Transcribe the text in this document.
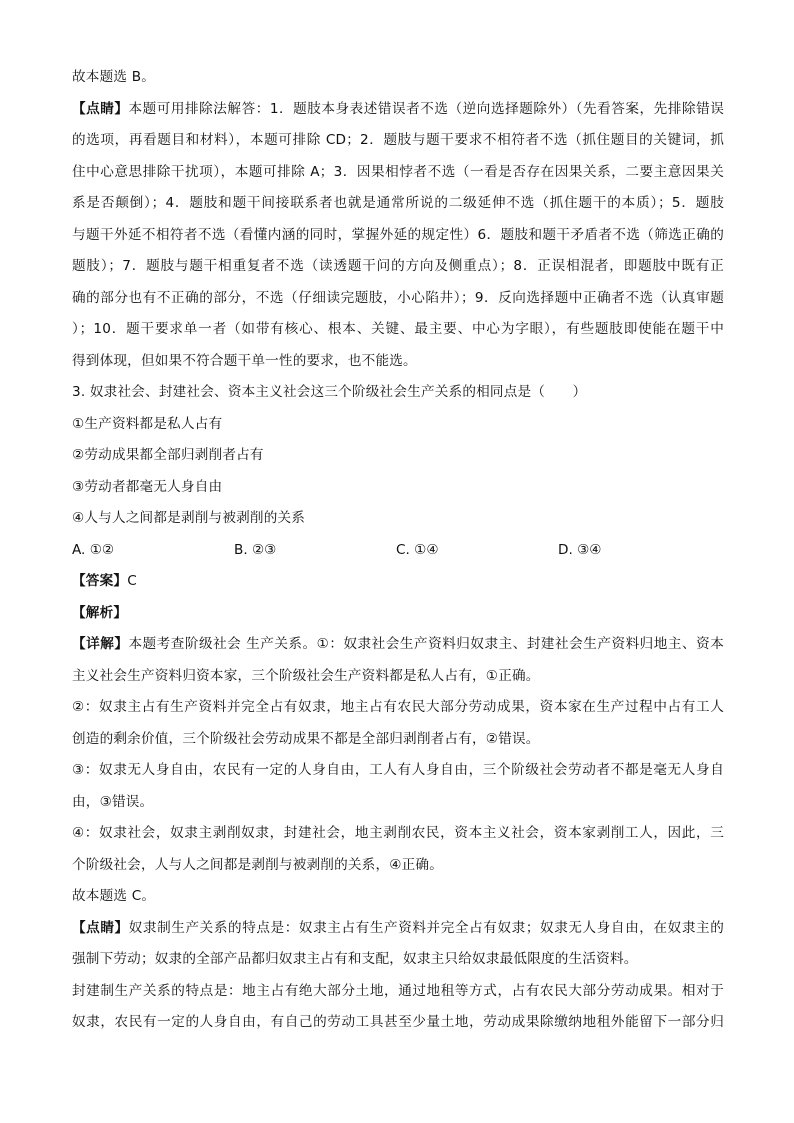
故本题选 B。
【点睛】本题可用排除法解答：1．题肢本身表述错误者不选（逆向选择题除外）（先看答案，先排除错误
的选项，再看题目和材料），本题可排除 CD；2．题肢与题干要求不相符者不选（抓住题目的关键词，抓
住中心意思排除干扰项），本题可排除 A；3．因果相悖者不选（一看是否存在因果关系，二要主意因果关
系是否颠倒）；4．题肢和题干间接联系者也就是通常所说的二级延伸不选（抓住题干的本质）；5．题肢
与题干外延不相符者不选（看懂内涵的同时，掌握外延的规定性）6．题肢和题干矛盾者不选（筛选正确的
题肢）；7．题肢与题干相重复者不选（读透题干问的方向及侧重点）；8．正误相混者，即题肢中既有正
确的部分也有不正确的部分，不选（仔细读完题肢，小心陷井）；9．反向选择题中正确者不选（认真审题
）；10．题干要求单一者（如带有核心、根本、关键、最主要、中心为字眼），有些题肢即使能在题干中
得到体现，但如果不符合题干单一性的要求，也不能选。
3. 奴隶社会、封建社会、资本主义社会这三个阶级社会生产关系的相同点是（　　）
①生产资料都是私人占有
②劳动成果都全部归剥削者占有
③劳动者都毫无人身自由
④人与人之间都是剥削与被剥削的关系
A. ①②	B. ②③	C. ①④	D. ③④
【答案】C
【解析】
【详解】本题考查阶级社会 生产关系。①：奴隶社会生产资料归奴隶主、封建社会生产资料归地主、资本
主义社会生产资料归资本家，三个阶级社会生产资料都是私人占有，①正确。
②：奴隶主占有生产资料并完全占有奴隶，地主占有农民大部分劳动成果，资本家在生产过程中占有工人
创造的剩余价值，三个阶级社会劳动成果不都是全部归剥削者占有，②错误。
③：奴隶无人身自由，农民有一定的人身自由，工人有人身自由，三个阶级社会劳动者不都是毫无人身自
由，③错误。
④：奴隶社会，奴隶主剥削奴隶，封建社会，地主剥削农民，资本主义社会，资本家剥削工人，因此，三
个阶级社会，人与人之间都是剥削与被剥削的关系，④正确。
故本题选 C。
【点睛】奴隶制生产关系的特点是：奴隶主占有生产资料并完全占有奴隶；奴隶无人身自由，在奴隶主的
强制下劳动；奴隶的全部产品都归奴隶主占有和支配，奴隶主只给奴隶最低限度的生活资料。
封建制生产关系的特点是：地主占有绝大部分土地，通过地租等方式，占有农民大部分劳动成果。相对于
奴隶，农民有一定的人身自由，有自己的劳动工具甚至少量土地，劳动成果除缴纳地租外能留下一部分归
